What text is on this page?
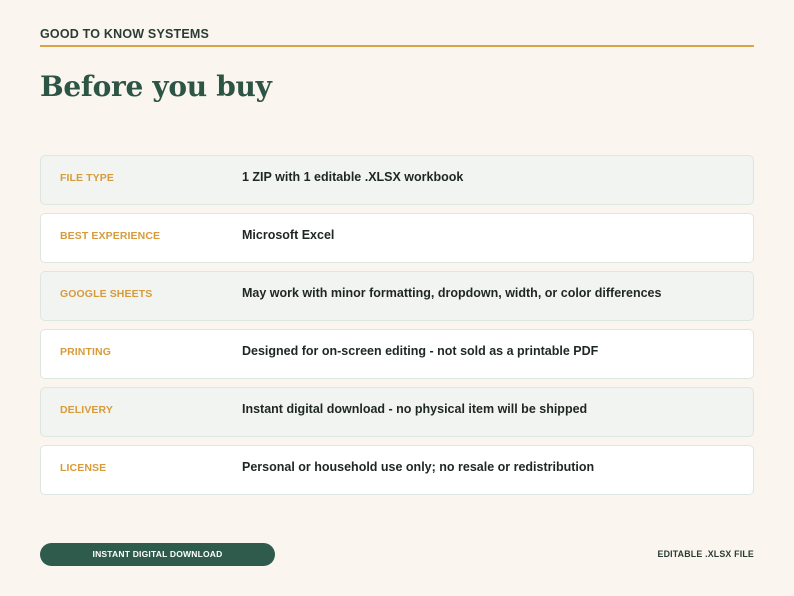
GOOD TO KNOW SYSTEMS
Before you buy
FILE TYPE	1 ZIP with 1 editable .XLSX workbook
BEST EXPERIENCE	Microsoft Excel
GOOGLE SHEETS	May work with minor formatting, dropdown, width, or color differences
PRINTING	Designed for on-screen editing - not sold as a printable PDF
DELIVERY	Instant digital download - no physical item will be shipped
LICENSE	Personal or household use only; no resale or redistribution
INSTANT DIGITAL DOWNLOAD	EDITABLE .XLSX FILE
